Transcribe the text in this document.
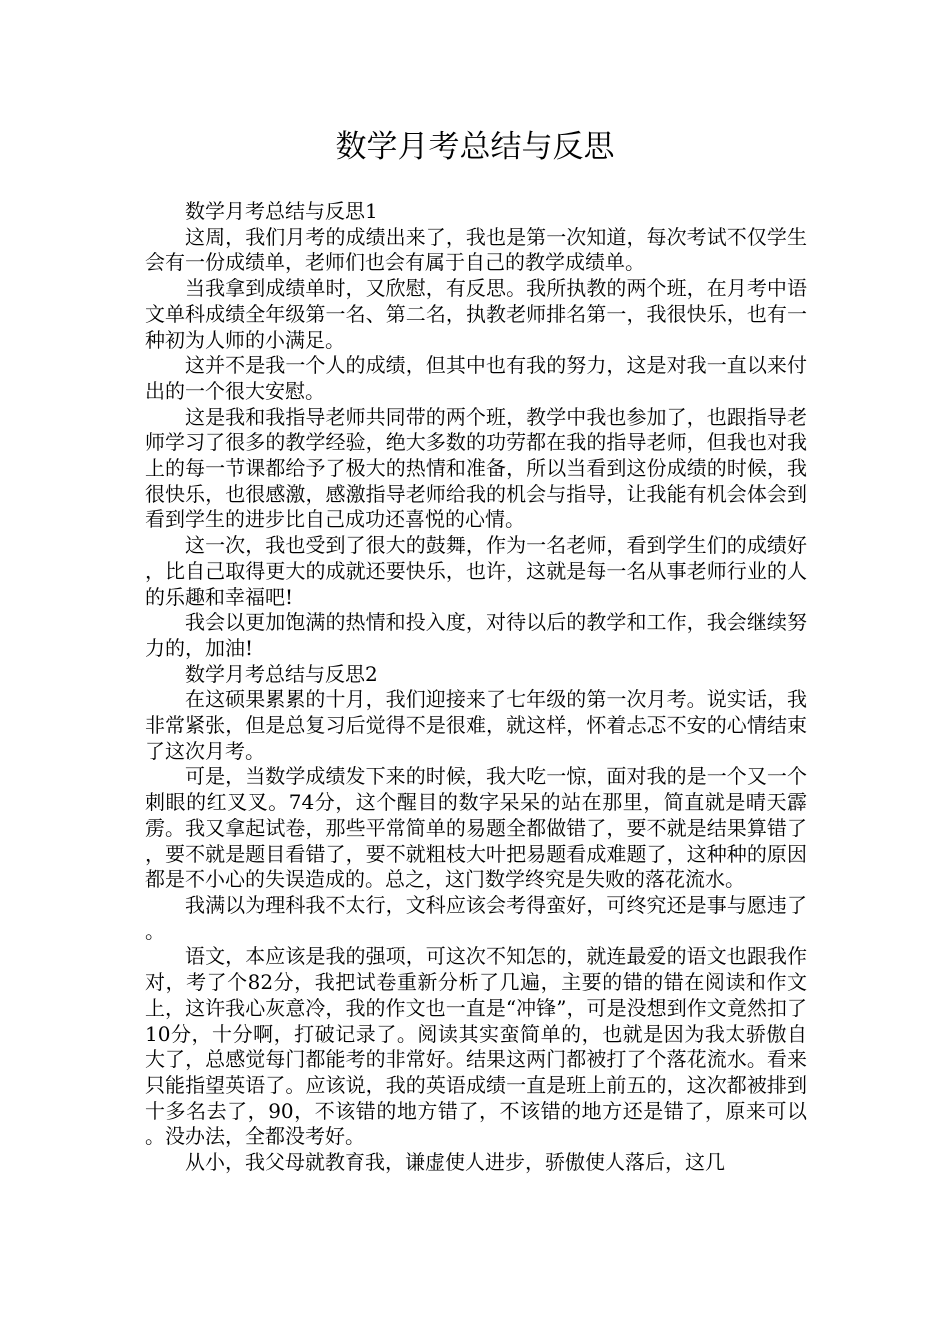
数学月考总结与反思

数学月考总结与反思1

这周，我们月考的成绩出来了，我也是第一次知道，每次考试不仅学生会有一份成绩单，老师们也会有属于自己的教学成绩单。

当我拿到成绩单时，又欣慰，有反思。我所执教的两个班，在月考中语文单科成绩全年级第一名、第二名，执教老师排名第一，我很快乐，也有一种初为人师的小满足。

这并不是我一个人的成绩，但其中也有我的努力，这是对我一直以来付出的一个很大安慰。

这是我和我指导老师共同带的两个班，教学中我也参加了，也跟指导老师学习了很多的教学经验，绝大多数的功劳都在我的指导老师，但我也对我上的每一节课都给予了极大的热情和准备，所以当看到这份成绩的时候，我很快乐，也很感激，感激指导老师给我的机会与指导，让我能有机会体会到看到学生的进步比自己成功还喜悦的心情。

这一次，我也受到了很大的鼓舞，作为一名老师，看到学生们的成绩好，比自己取得更大的成就还要快乐，也许，这就是每一名从事老师行业的人的乐趣和幸福吧!

我会以更加饱满的热情和投入度，对待以后的教学和工作，我会继续努力的，加油!

数学月考总结与反思2

在这硕果累累的十月，我们迎接来了七年级的第一次月考。说实话，我非常紧张，但是总复习后觉得不是很难，就这样，怀着忐忑不安的心情结束了这次月考。

可是，当数学成绩发下来的时候，我大吃一惊，面对我的是一个又一个刺眼的红叉叉。74分，这个醒目的数字呆呆的站在那里，简直就是晴天霹雳。我又拿起试卷，那些平常简单的易题全都做错了，要不就是结果算错了，要不就是题目看错了，要不就粗枝大叶把易题看成难题了，这种种的原因都是不小心的失误造成的。总之，这门数学终究是失败的落花流水。

我满以为理科我不太行，文科应该会考得蛮好，可终究还是事与愿违了。

语文，本应该是我的强项，可这次不知怎的，就连最爱的语文也跟我作对，考了个82分，我把试卷重新分析了几遍，主要的错的错在阅读和作文上，这许我心灰意冷，我的作文也一直是“冲锋”，可是没想到作文竟然扣了10分，十分啊，打破记录了。阅读其实蛮简单的，也就是因为我太骄傲自大了，总感觉每门都能考的非常好。结果这两门都被打了个落花流水。看来只能指望英语了。应该说，我的英语成绩一直是班上前五的，这次都被排到十多名去了，90，不该错的地方错了，不该错的地方还是错了，原来可以。没办法，全都没考好。

从小，我父母就教育我，谦虚使人进步，骄傲使人落后，这几
